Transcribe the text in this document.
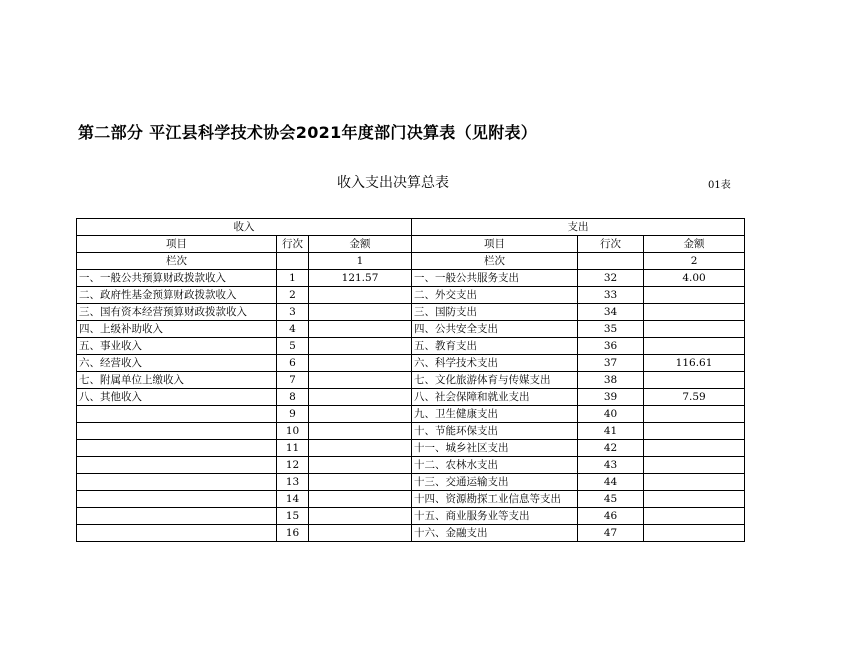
第二部分 平江县科学技术协会2021年度部门决算表（见附表）
收入支出决算总表	01表
收入			支出		
项目	行次	金额	项目	行次	金额
栏次		1	栏次		2
一、一般公共预算财政拨款收入	1	121.57	一、一般公共服务支出	32	4.00
二、政府性基金预算财政拨款收入	2		二、外交支出	33	
三、国有资本经营预算财政拨款收入	3		三、国防支出	34	
四、上级补助收入	4		四、公共安全支出	35	
五、事业收入	5		五、教育支出	36	
六、经营收入	6		六、科学技术支出	37	116.61
七、附属单位上缴收入	7		七、文化旅游体育与传媒支出	38	
八、其他收入	8		八、社会保障和就业支出	39	7.59
	9		九、卫生健康支出	40	
	10		十、节能环保支出	41	
	11		十一、城乡社区支出	42	
	12		十二、农林水支出	43	
	13		十三、交通运输支出	44	
	14		十四、资源勘探工业信息等支出	45	
	15		十五、商业服务业等支出	46	
	16		十六、金融支出	47	
